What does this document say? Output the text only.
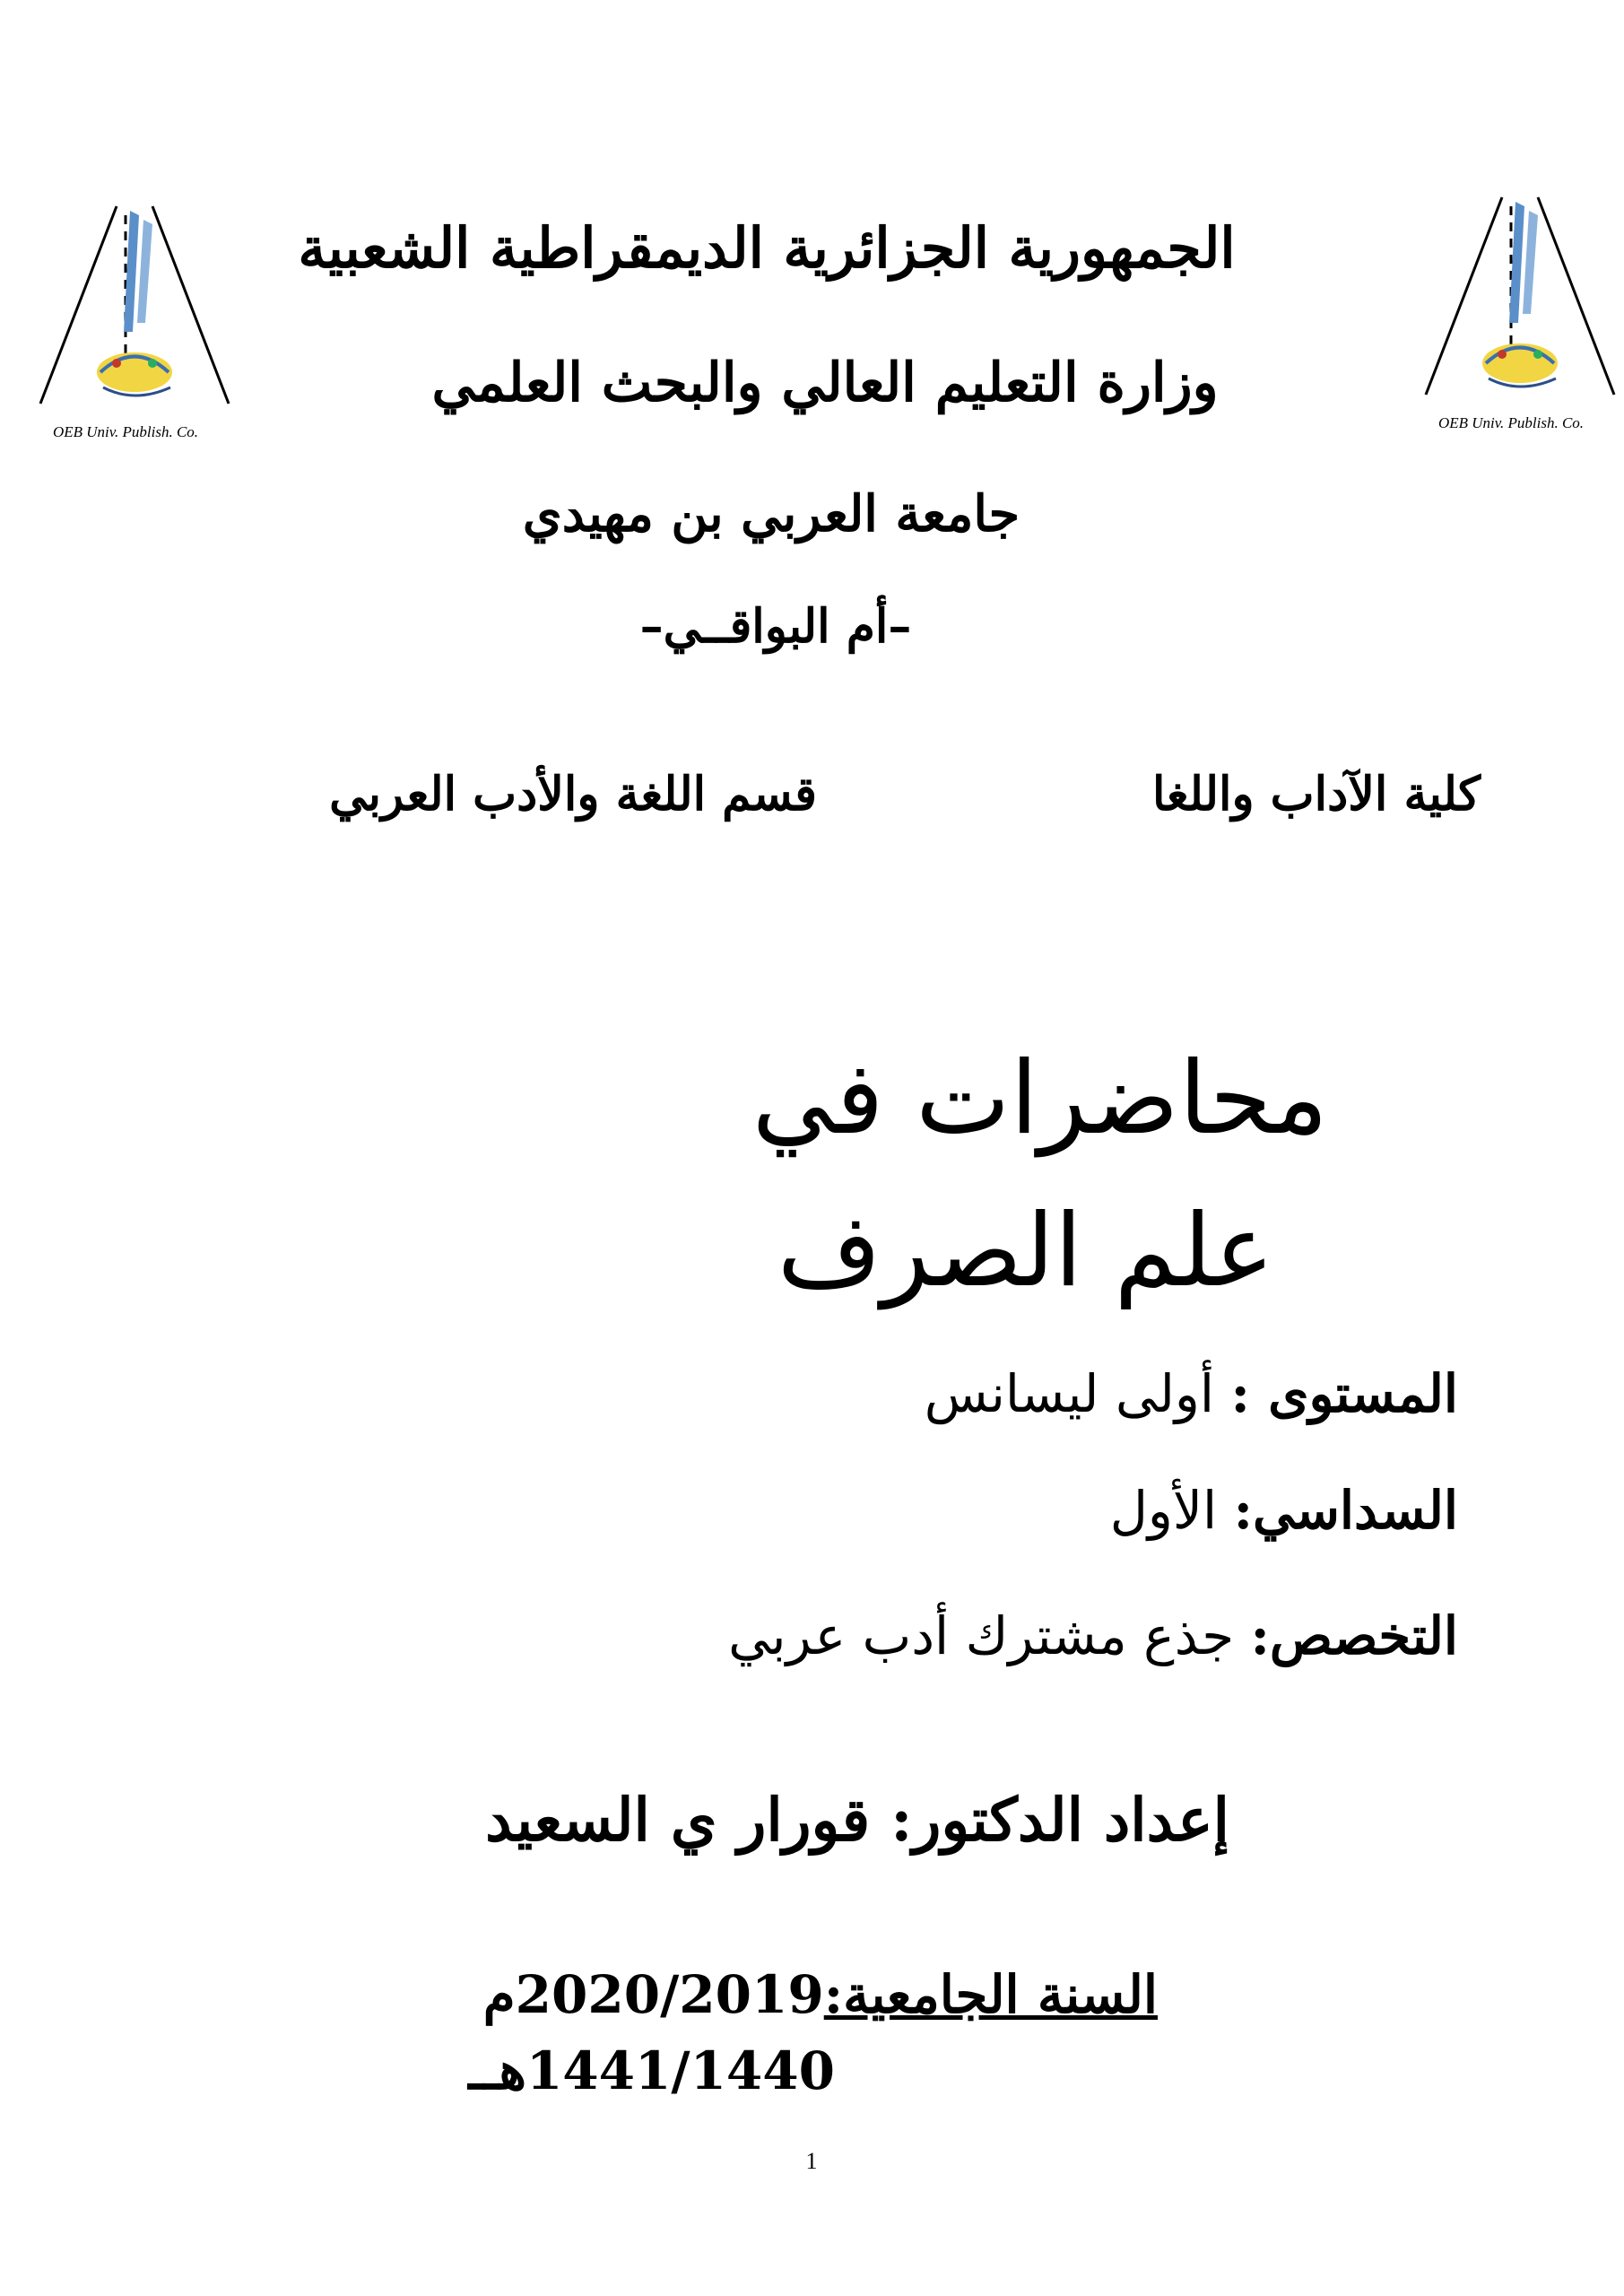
OEB Univ. Publish. Co.
OEB Univ. Publish. Co.
الجمهورية الجزائرية الديمقراطية الشعبية
وزارة التعليم العالي والبحث العلمي
جامعة العربي بن مهيدي
–أم البواقــي–
كلية الآداب واللغا
قسم اللغة والأدب العربي
محاضرات في
علم الصرف
المستوى : أولى ليسانس
السداسي: الأول
التخصص: جذع مشترك أدب عربي
إعداد الدكتور: قورار ي السعيد
السنة الجامعية:2020/2019م
1441/1440هــ
1
